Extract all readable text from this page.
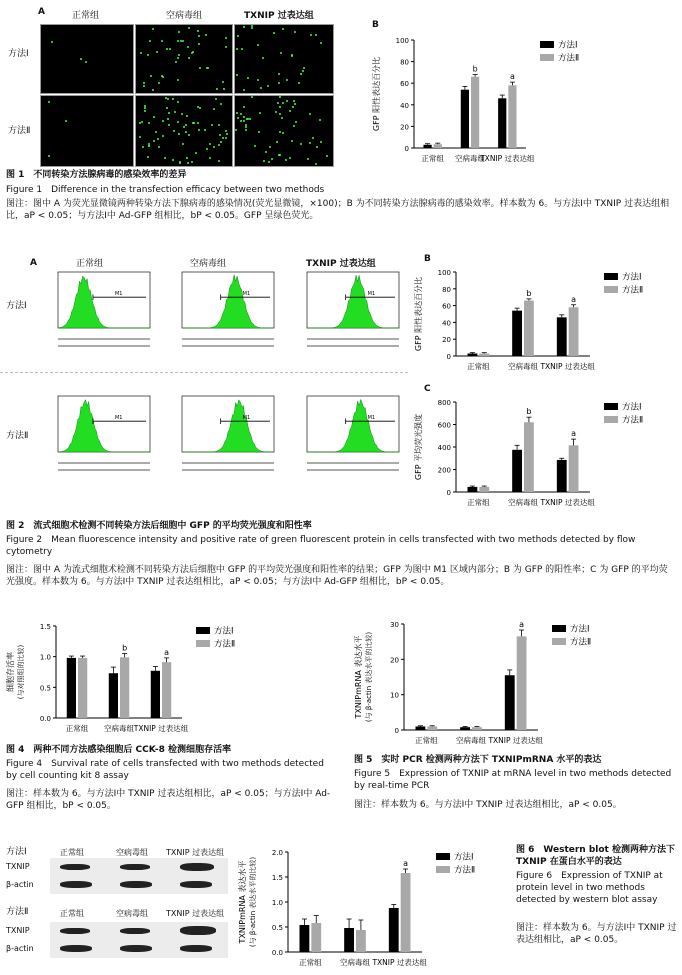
A	正常组	空病毒组	TXNIP 过表达组
方法Ⅰ
方法Ⅱ
B
0
20
40
60
80
100
GFP 阳性表达百分比
正常组 空病毒组
TXNIP 过表达组
b
a
方法Ⅰ
方法Ⅱ
图 1　不同转染方法腺病毒的感染效率的差异
Figure 1　Difference in the transfection efficacy between two methods
图注：图中 A 为荧光显微镜两种转染方法下腺病毒的感染情况(荧光显微镜，×100)；B 为不同转染方法腺病毒的感染效率。样本数为 6。与方法Ⅰ中 TXNIP 过表达组相比，aP < 0.05；与方法Ⅰ中 Ad-GFP 组相比，bP < 0.05。GFP 呈绿色荧光。
A	正常组	空病毒组	TXNIP 过表达组
方法Ⅰ
方法Ⅱ
M1	M1	M1
M1	M1	M1
B
0
20
40
60
80
100
GFP 阳性表达百分比
正常组 空病毒组 TXNIP 过表达组
b
a
方法Ⅰ
方法Ⅱ
C
0
200
400
600
800
GFP 平均荧光强度
正常组 空病毒组 TXNIP 过表达组
b
a
方法Ⅰ
方法Ⅱ
图 2　流式细胞术检测不同转染方法后细胞中 GFP 的平均荧光强度和阳性率
Figure 2　Mean fluorescence intensity and positive rate of green fluorescent protein in cells transfected with two methods detected by flow cytometry
图注：图中 A 为流式细胞术检测不同转染方法后细胞中 GFP 的平均荧光强度和阳性率的结果；GFP 为图中 M1 区域内部分；B 为 GFP 的阳性率；C 为 GFP 的平均荧光强度。样本数为 6。与方法Ⅰ中 TXNIP 过表达组相比，aP < 0.05；与方法Ⅰ中 Ad-GFP 组相比，bP < 0.05。
0.0
0.5
1.0
1.5
细胞存活率 (与对照组的比较)
正常组 空病毒组 TXNIP 过表达组
b	a
方法Ⅰ
方法Ⅱ
图 4　两种不同方法感染细胞后 CCK-8 检测细胞存活率
Figure 4　Survival rate of cells transfected with two methods detected by cell counting kit 8 assay
图注：样本数为 6。与方法Ⅰ中 TXNIP 过表达组相比，aP < 0.05；与方法Ⅰ中 Ad-GFP 组相比，bP < 0.05。
0
10
20
30
TXNIPmRNA 表达水平 (与 β-actin 表达水平的比较)
正常组 空病毒组 TXNIP 过表达组
a	方法Ⅰ
方法Ⅱ
图 5　实时 PCR 检测两种方法下 TXNIPmRNA 水平的表达
Figure 5　Expression of TXNIP at mRNA level in two methods detected by real-time PCR
图注：样本数为 6。与方法Ⅰ中 TXNIP 过表达组相比，aP < 0.05。
方法Ⅰ	正常组	空病毒组 TXNIP 过表达组
TXNIP
β-actin
方法Ⅱ	正常组	空病毒组 TXNIP 过表达组
TXNIP
β-actin	0.0
0.5
1.0
1.5
2.0
TXNIPmRNA 表达水平 (与 β-actin 表达水平的比较)
正常组 空病毒组 TXNIP 过表达组
a
方法Ⅰ
方法Ⅱ
图 6　Western blot 检测两种方法下 TXNIP 在蛋白水平的表达
Figure 6　Expression of TXNIP at protein level in two methods detected by western blot assay
图注：样本数为 6。与方法Ⅰ中 TXNIP 过表达组相比，aP < 0.05。
